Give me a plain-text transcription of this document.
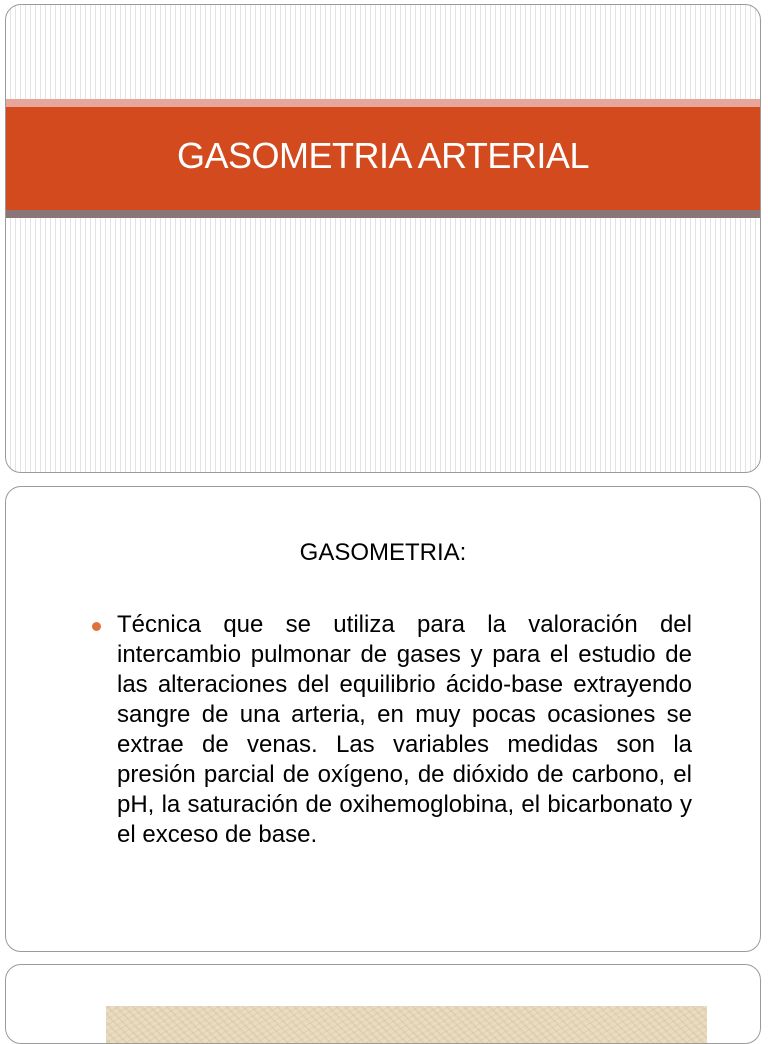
GASOMETRIA ARTERIAL
GASOMETRIA:
Técnica que se utiliza para la valoración del intercambio pulmonar de gases y para el estudio de las alteraciones del equilibrio ácido-base extrayendo sangre de una arteria, en muy pocas ocasiones se extrae de venas. Las variables medidas son la presión parcial de oxígeno, de dióxido de carbono, el pH, la saturación de oxihemoglobina, el bicarbonato y el exceso de base.
